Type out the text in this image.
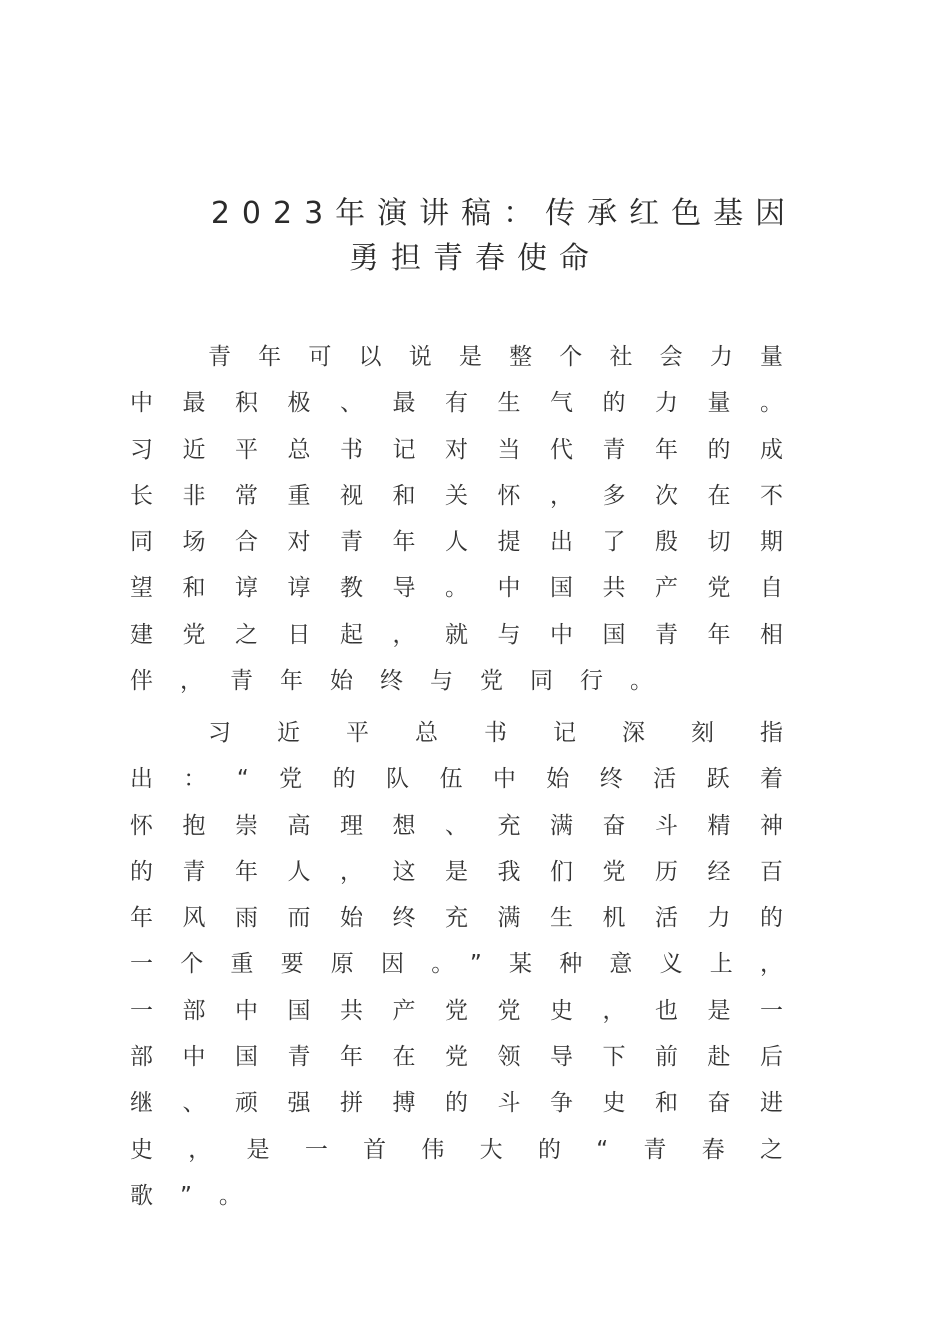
2023年演讲稿：传承红色基因
勇担青春使命

青年可以说是整个社会力量中最积极、最有生气的力量。习近平总书记对当代青年的成长非常重视和关怀，多次在不同场合对青年人提出了殷切期望和谆谆教导。中国共产党自建党之日起，就与中国青年相伴，青年始终与党同行。

习近平总书记深刻指出：“党的队伍中始终活跃着怀抱崇高理想、充满奋斗精神的青年人，这是我们党历经百年风雨而始终充满生机活力的一个重要原因。”某种意义上，一部中国共产党党史，也是一部中国青年在党领导下前赴后继、顽强拼搏的斗争史和奋进史，是一首伟大的“青春之歌”。
